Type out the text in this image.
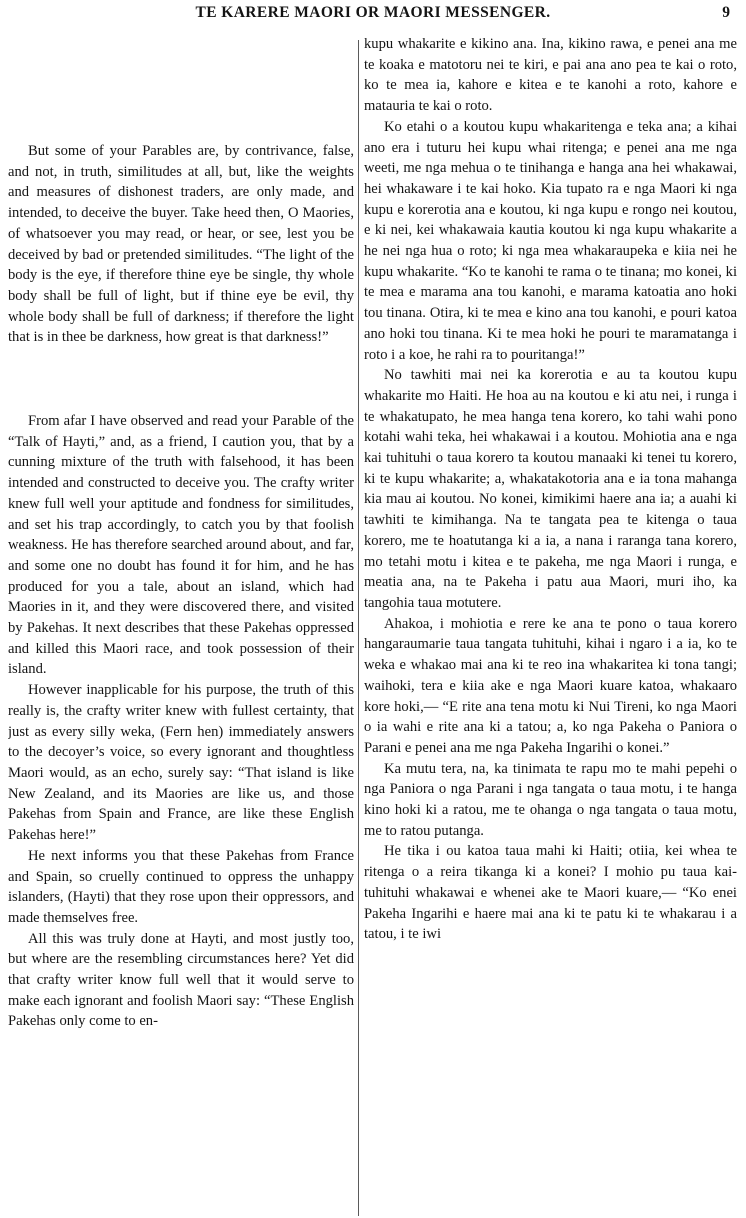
TE KARERE MAORI OR MAORI MESSENGER.	9

But some of your Parables are, by contrivance, false, and not, in truth, similitudes at all, but, like the weights and measures of dishonest traders, are only made, and intended, to deceive the buyer. Take heed then, O Maories, of whatsoever you may read, or hear, or see, lest you be deceived by bad or pretended similitudes. “The light of the body is the eye, if therefore thine eye be single, thy whole body shall be full of light, but if thine eye be evil, thy whole body shall be full of darkness; if therefore the light that is in thee be darkness, how great is that darkness!”

From afar I have observed and read your Parable of the “Talk of Hayti,” and, as a friend, I caution you, that by a cunning mixture of the truth with falsehood, it has been intended and constructed to deceive you. The crafty writer knew full well your aptitude and fondness for similitudes, and set his trap accordingly, to catch you by that foolish weakness. He has therefore searched around about, and far, and some one no doubt has found it for him, and he has produced for you a tale, about an island, which had Maories in it, and they were discovered there, and visited by Pakehas. It next describes that these Pakehas oppressed and killed this Maori race, and took possession of their island.

However inapplicable for his purpose, the truth of this really is, the crafty writer knew with fullest certainty, that just as every silly weka, (Fern hen) immediately answers to the decoyer’s voice, so every ignorant and thoughtless Maori would, as an echo, surely say: “That island is like New Zealand, and its Maories are like us, and those Pakehas from Spain and France, are like these English Pakehas here!”

He next informs you that these Pakehas from France and Spain, so cruelly continued to oppress the unhappy islanders, (Hayti) that they rose upon their oppressors, and made themselves free.

All this was truly done at Hayti, and most justly too, but where are the resembling circumstances here? Yet did that crafty writer know full well that it would serve to make each ignorant and foolish Maori say: “These English Pakehas only come to en-

kupu whakarite e kikino ana. Ina, kikino rawa, e penei ana me te koaka e matotoru nei te kiri, e pai ana ano pea te kai o roto, ko te mea ia, kahore e kitea e te kanohi a roto, kahore e matauria te kai o roto.

Ko etahi o a koutou kupu whakaritenga e teka ana; a kihai ano era i tuturu hei kupu whai ritenga; e penei ana me nga weeti, me nga mehua o te tinihanga e hanga ana hei whakawai, hei whakaware i te kai hoko. Kia tupato ra e nga Maori ki nga kupu e korerotia ana e koutou, ki nga kupu e rongo nei koutou, e ki nei, kei whakawaia kautia koutou ki nga kupu whakarite a he nei nga hua o roto; ki nga mea whakaraupeka e kiia nei he kupu whakarite. “Ko te kanohi te rama o te tinana; mo konei, ki te mea e marama ana tou kanohi, e marama katoatia ano hoki tou tinana. Otira, ki te mea e kino ana tou kanohi, e pouri katoa ano hoki tou tinana. Ki te mea hoki he pouri te maramatanga i roto i a koe, he rahi ra to pouritanga!”

No tawhiti mai nei ka korerotia e au ta koutou kupu whakarite mo Haiti. He hoa au na koutou e ki atu nei, i runga i te whakatupato, he mea hanga tena korero, ko tahi wahi pono kotahi wahi teka, hei whakawai i a koutou. Mohiotia ana e nga kai tuhituhi o taua korero ta koutou manaaki ki tenei tu korero, ki te kupu whakarite; a, whakatakotoria ana e ia tona mahanga kia mau ai koutou. No konei, kimikimi haere ana ia; a auahi ki tawhiti te kimihanga. Na te tangata pea te kitenga o taua korero, me te hoatutanga ki a ia, a nana i raranga tana korero, mo tetahi motu i kitea e te pakeha, me nga Maori i runga, e meatia ana, na te Pakeha i patu aua Maori, muri iho, ka tangohia taua motutere.

Ahakoa, i mohiotia e rere ke ana te pono o taua korero hangaraumarie taua tangata tuhituhi, kihai i ngaro i a ia, ko te weka e whakao mai ana ki te reo ina whakaritea ki tona tangi; waihoki, tera e kiia ake e nga Maori kuare katoa, whakaaro kore hoki,— “E rite ana tena motu ki Nui Tireni, ko nga Maori o ia wahi e rite ana ki a tatou; a, ko nga Pakeha o Paniora o Parani e penei ana me nga Pakeha Ingarihi o konei.”

Ka mutu tera, na, ka tinimata te rapu mo te mahi pepehi o nga Paniora o nga Parani i nga tangata o taua motu, i te hanga kino hoki ki a ratou, me te ohanga o nga tangata o taua motu, me to ratou putanga.

He tika i ou katoa taua mahi ki Haiti; otiia, kei whea te ritenga o a reira tikanga ki a konei? I mohio pu taua kai-tuhituhi whakawai e whenei ake te Maori kuare,— “Ko enei Pakeha Ingarihi e haere mai ana ki te patu ki te whakarau i a tatou, i te iwi
